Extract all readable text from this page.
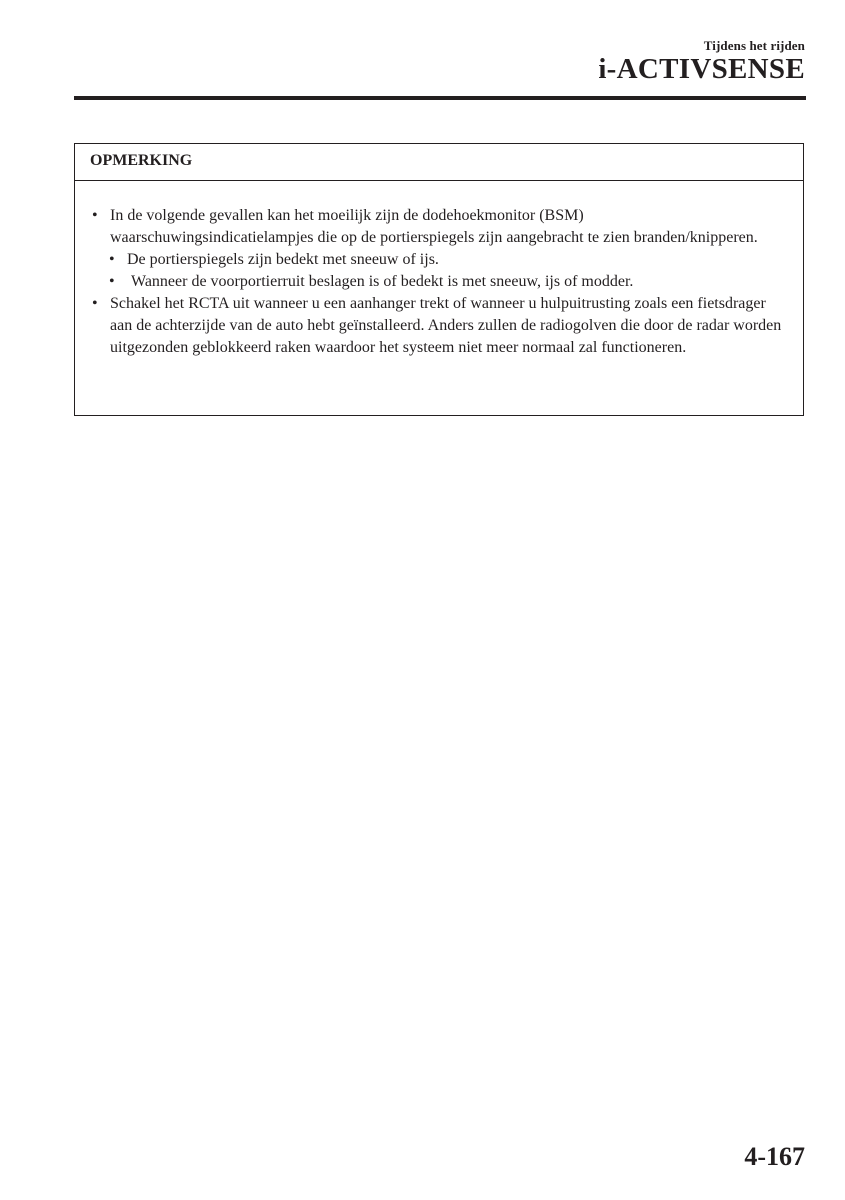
Tijdens het rijden
i-ACTIVSENSE
OPMERKING
• In de volgende gevallen kan het moeilijk zijn de dodehoekmonitor (BSM) waarschuwingsindicatielampjes die op de portierspiegels zijn aangebracht te zien branden/knipperen.
• De portierspiegels zijn bedekt met sneeuw of ijs.
• Wanneer de voorportierruit beslagen is of bedekt is met sneeuw, ijs of modder.
• Schakel het RCTA uit wanneer u een aanhanger trekt of wanneer u hulpuitrusting zoals een fietsdrager aan de achterzijde van de auto hebt geïnstalleerd. Anders zullen de radiogolven die door de radar worden uitgezonden geblokkeerd raken waardoor het systeem niet meer normaal zal functioneren.
4-167
